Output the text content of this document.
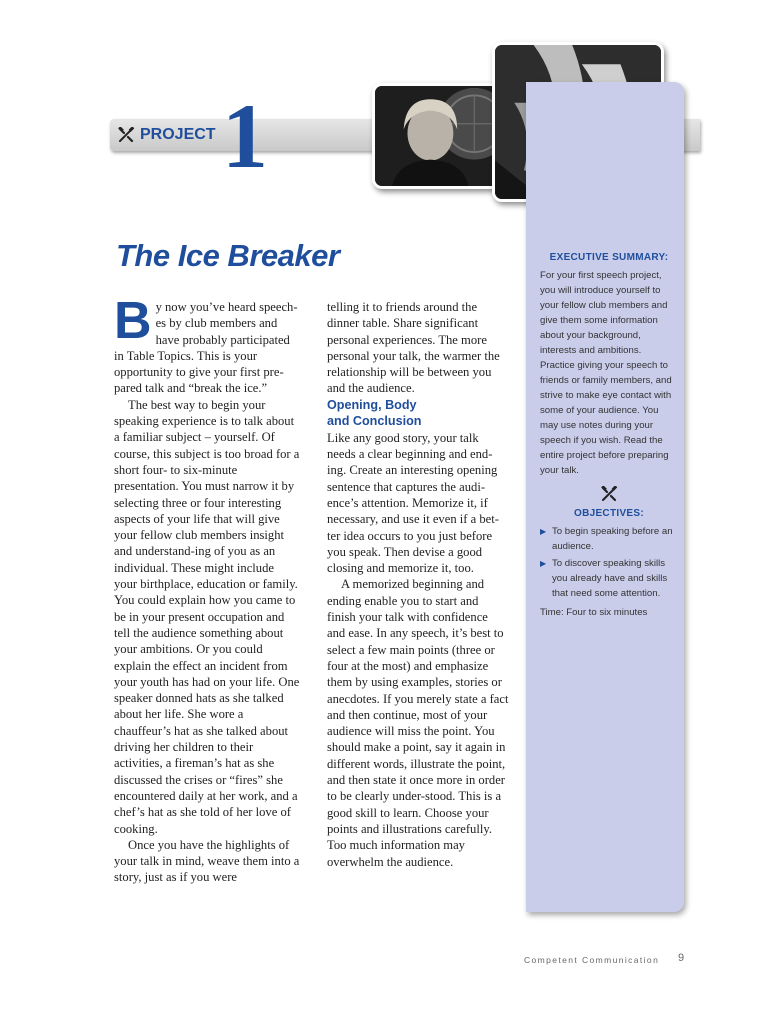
PROJECT 1

EXECUTIVE SUMMARY:

For your first speech project, you will introduce yourself to your fellow club members and give them some information about your background, interests and ambitions. Practice giving your speech to friends or family members, and strive to make eye contact with some of your audience. You may use notes during your speech if you wish. Read the entire project before preparing your talk.

OBJECTIVES:

▶ To begin speaking before an audience.
▶ To discover speaking skills you already have and skills that need some attention.

Time: Four to six minutes

The Ice Breaker

By now you’ve heard speech-es by club members and have probably participated in Table Topics. This is your opportunity to give your first pre-pared talk and “break the ice.”

The best way to begin your speaking experience is to talk about a familiar subject – yourself. Of course, this subject is too broad for a short four- to six-minute presentation. You must narrow it by selecting three or four interesting aspects of your life that will give your fellow club members insight and understand-ing of you as an individual. These might include your birthplace, education or family. You could explain how you came to be in your present occupation and tell the audience something about your ambitions. Or you could explain the effect an incident from your youth has had on your life. One speaker donned hats as she talked about her life. She wore a chauffeur’s hat as she talked about driving her children to their activities, a fireman’s hat as she discussed the crises or “fires” she encountered daily at her work, and a chef’s hat as she told of her love of cooking.

Once you have the highlights of your talk in mind, weave them into a story, just as if you were

telling it to friends around the dinner table. Share significant personal experiences. The more personal your talk, the warmer the relationship will be between you and the audience.

Opening, Body
and Conclusion

Like any good story, your talk needs a clear beginning and end-ing. Create an interesting opening sentence that captures the audi-ence’s attention. Memorize it, if necessary, and use it even if a bet-ter idea occurs to you just before you speak. Then devise a good closing and memorize it, too.

A memorized beginning and ending enable you to start and finish your talk with confidence and ease. In any speech, it’s best to select a few main points (three or four at the most) and emphasize them by using examples, stories or anecdotes. If you merely state a fact and then continue, most of your audience will miss the point. You should make a point, say it again in different words, illustrate the point, and then state it once more in order to be clearly under-stood. This is a good skill to learn. Choose your points and illustrations carefully. Too much information may overwhelm the audience.

Competent Communication 9
